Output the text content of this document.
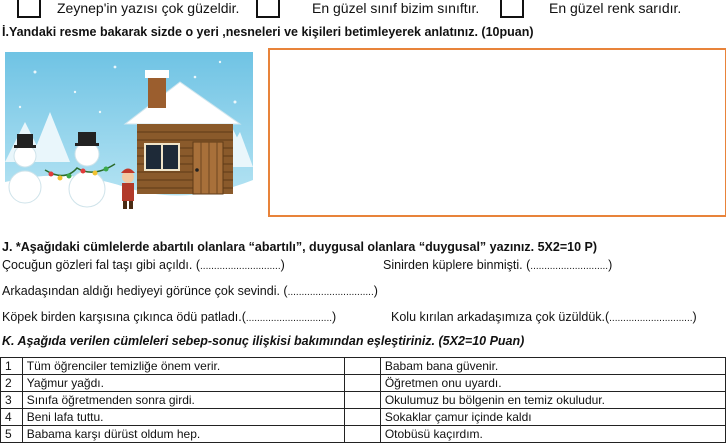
Zeynep'in yazısı çok güzeldir.	En güzel sınıf bizim sınıftır.	En güzel renk sarıdır.
İ.Yandaki resme bakarak sizde o yeri ,nesneleri ve kişileri betimleyerek anlatınız. (10puan)
J. *Aşağıdaki cümlelerde abartılı olanlara “abartılı”, duygusal olanlara “duygusal” yazınız. 5X2=10 P)
Çocuğun gözleri fal taşı gibi açıldı. (.............................)	Sinirden küplere binmişti. (............................)
Arkadaşından aldığı hediyeyi görünce çok sevindi. (...............................)
Köpek birden karşısına çıkınca ödü patladı.(...............................)	Kolu kırılan arkadaşımıza çok üzüldük.(..............................)
K. Aşağıda verilen cümleleri sebep-sonuç ilişkisi bakımından eşleştiriniz. (5X2=10 Puan)
1	Tüm öğrenciler temizliğe önem verir.		Babam bana güvenir.
2	Yağmur yağdı.		Öğretmen onu uyardı.
3	Sınıfa öğretmenden sonra girdi.		Okulumuz bu bölgenin en temiz okuludur.
4	Beni lafa tuttu.		Sokaklar çamur içinde kaldı
5	Babama karşı dürüst oldum hep.		Otobüsü kaçırdım.
